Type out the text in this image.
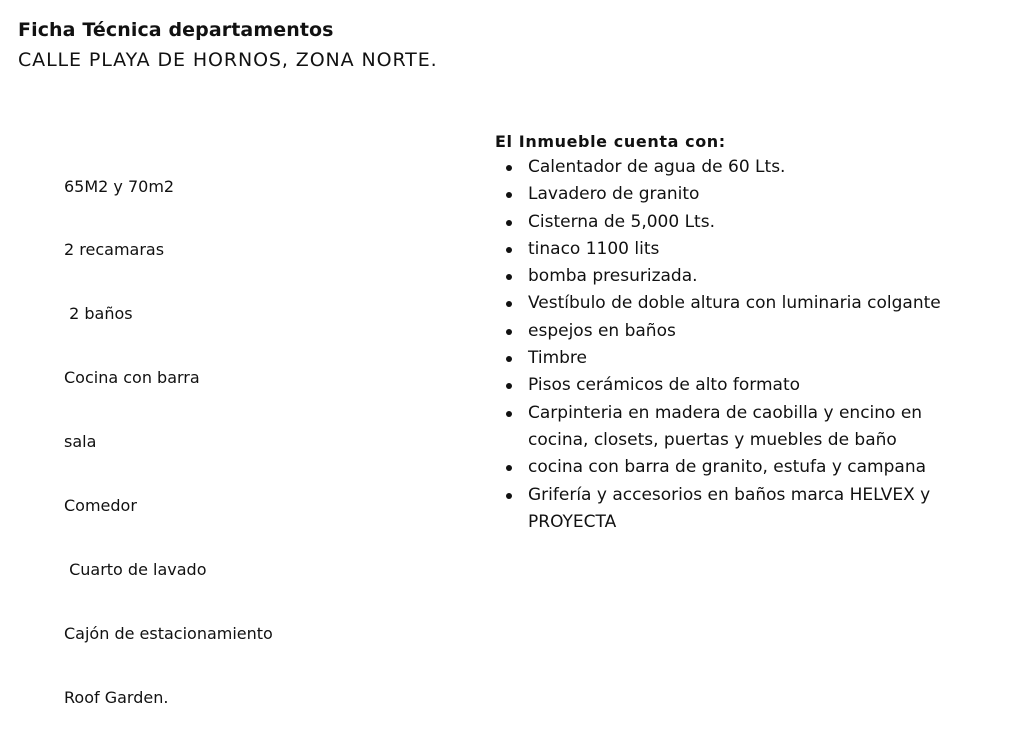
Ficha Técnica departamentos
CALLE PLAYA DE HORNOS, ZONA NORTE.

65M2 y 70m2

2 recamaras

2 baños

Cocina con barra

sala

Comedor

Cuarto de lavado

Cajón de estacionamiento

Roof Garden.

El Inmueble cuenta con:
Calentador de agua de 60 Lts.
Lavadero de granito
Cisterna de 5,000 Lts.
tinaco 1100 lits
bomba presurizada.
Vestíbulo de doble altura con luminaria colgante
espejos en baños
Timbre
Pisos cerámicos de alto formato
Carpinteria en madera de caobilla y encino en
cocina, closets, puertas y muebles de baño
cocina con barra de granito, estufa y campana
Grifería y accesorios en baños marca HELVEX y
PROYECTA
